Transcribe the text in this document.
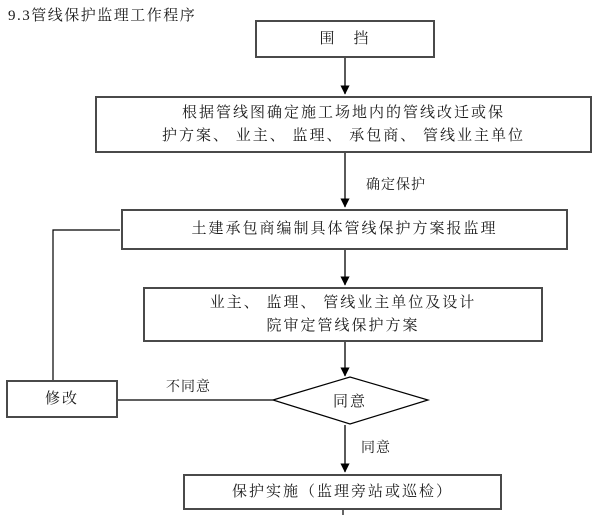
9.3管线保护监理工作程序
围　挡
根据管线图确定施工场地内的管线改迁或保
护方案、 业主、 监理、 承包商、 管线业主单位
土建承包商编制具体管线保护方案报监理
业主、 监理、 管线业主单位及设计
院审定管线保护方案
同意
修改
保护实施（监理旁站或巡检）
确定保护
不同意
同意
